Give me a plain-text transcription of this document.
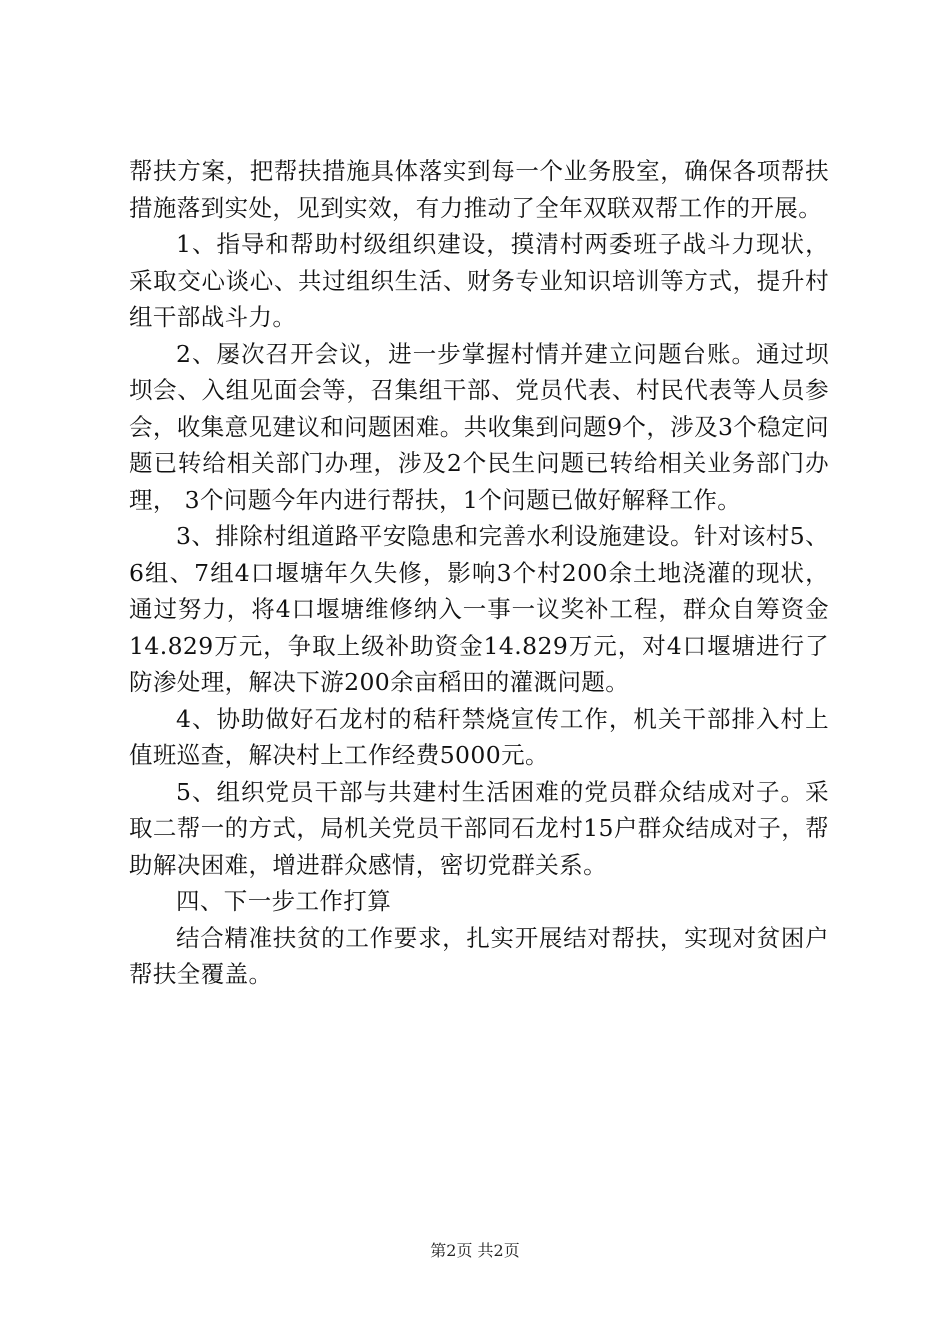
帮扶方案，把帮扶措施具体落实到每一个业务股室，确保各项帮扶措施落到实处，见到实效，有力推动了全年双联双帮工作的开展。

1、指导和帮助村级组织建设，摸清村两委班子战斗力现状，采取交心谈心、共过组织生活、财务专业知识培训等方式，提升村组干部战斗力。

2、屡次召开会议，进一步掌握村情并建立问题台账。通过坝坝会、入组见面会等，召集组干部、党员代表、村民代表等人员参会，收集意见建议和问题困难。共收集到问题9个，涉及3个稳定问题已转给相关部门办理，涉及2个民生问题已转给相关业务部门办理， 3个问题今年内进行帮扶，1个问题已做好解释工作。

3、排除村组道路平安隐患和完善水利设施建设。针对该村5、 6组、7组4口堰塘年久失修，影响3个村200余土地浇灌的现状，通过努力，将4口堰塘维修纳入一事一议奖补工程，群众自筹资金14.829万元，争取上级补助资金14.829万元，对4口堰塘进行了防渗处理，解决下游200余亩稻田的灌溉问题。

4、协助做好石龙村的秸秆禁烧宣传工作，机关干部排入村上值班巡查，解决村上工作经费5000元。

5、组织党员干部与共建村生活困难的党员群众结成对子。采取二帮一的方式，局机关党员干部同石龙村15户群众结成对子，帮助解决困难，增进群众感情，密切党群关系。

四、下一步工作打算

结合精准扶贫的工作要求，扎实开展结对帮扶，实现对贫困户帮扶全覆盖。

第2页 共2页
